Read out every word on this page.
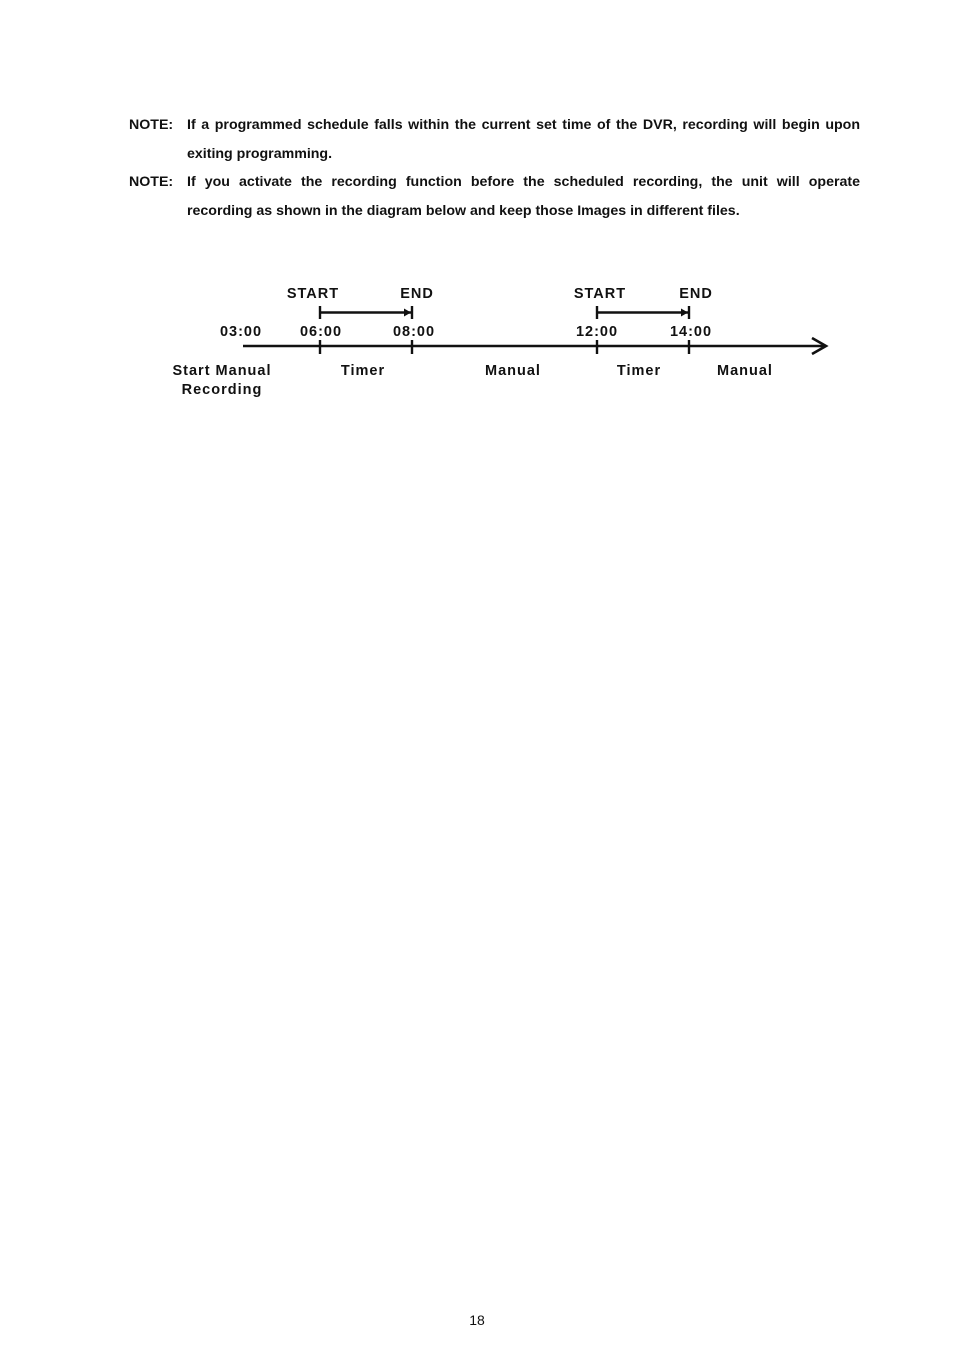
NOTE: If a programmed schedule falls within the current set time of the DVR, recording will begin upon exiting programming.
NOTE: If you activate the recording function before the scheduled recording, the unit will operate recording as shown in the diagram below and keep those Images in different files.
START	END	START	END
03:00	06:00	08:00	12:00	14:00
Start Manual
Recording
Timer	Manual	Timer	Manual
18
